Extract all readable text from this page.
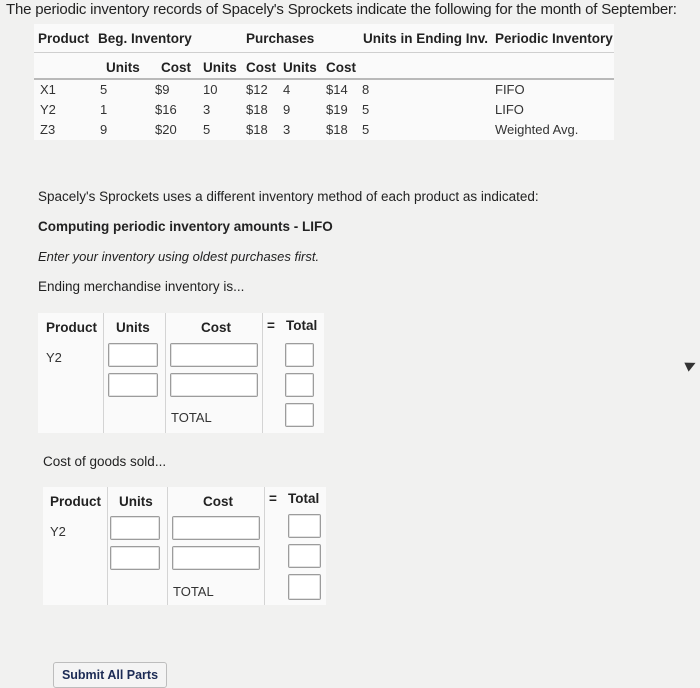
The periodic inventory records of Spacely's Sprockets indicate the following for the month of September:
Product Beg. Inventory	Purchases	Units in Ending Inv. Periodic Inventory
Units Cost Units Cost Units Cost
X1	5	$9	10 $12 4	$14 8	FIFO
Y2	1	$16 3	$18 9	$19 5	LIFO
Z3	9	$20 5	$18 3	$18 5	Weighted Avg.
Spacely's Sprockets uses a different inventory method of each product as indicated:
Computing periodic inventory amounts - LIFO
Enter your inventory using oldest purchases first.
Ending merchandise inventory is...
Product Units	Cost	= Total
Y2
TOTAL
Cost of goods sold...
Product Units	Cost	= Total
Y2
TOTAL
Submit All Parts
